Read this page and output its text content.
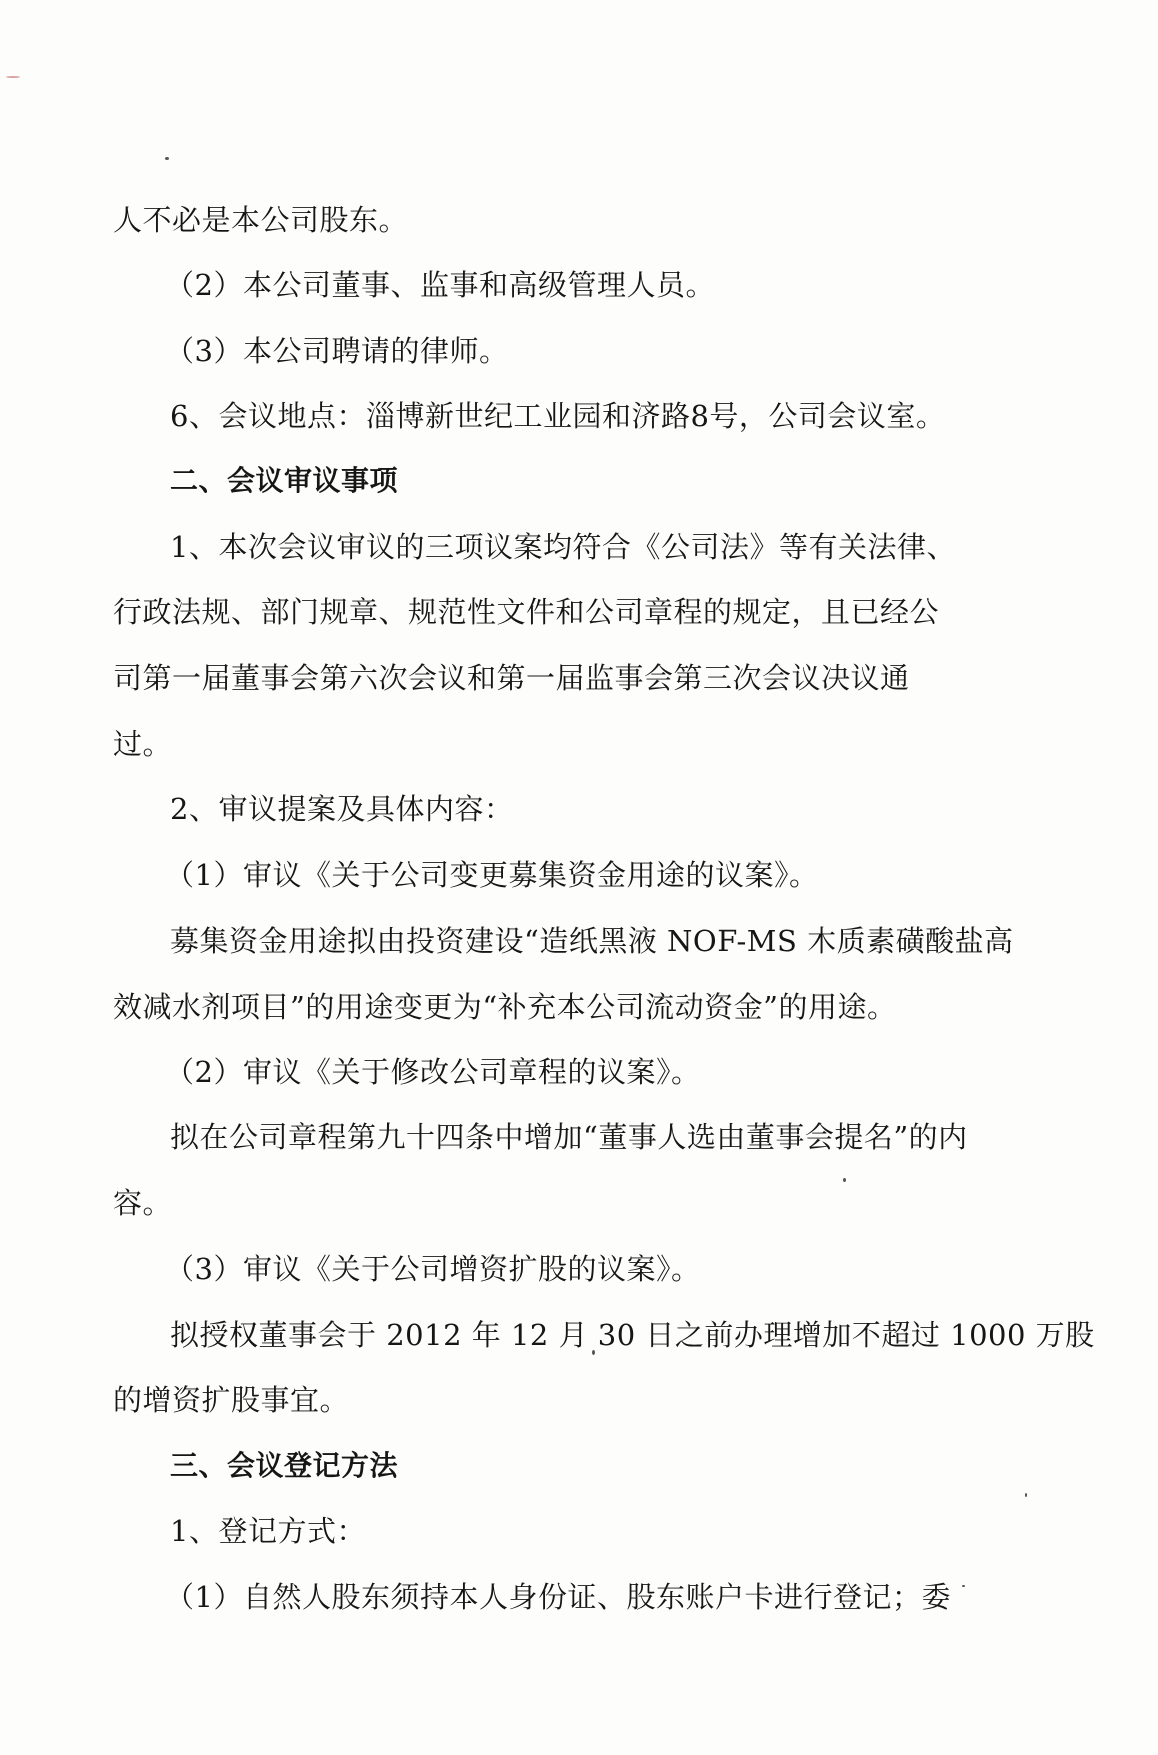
人不必是本公司股东。
（2）本公司董事、监事和高级管理人员。
（3）本公司聘请的律师。
6、会议地点：淄博新世纪工业园和济路8号，公司会议室。
二、会议审议事项
1、本次会议审议的三项议案均符合《公司法》等有关法律、
行政法规、部门规章、规范性文件和公司章程的规定，且已经公
司第一届董事会第六次会议和第一届监事会第三次会议决议通
过。
2、审议提案及具体内容：
（1）审议《关于公司变更募集资金用途的议案》。
募集资金用途拟由投资建设“造纸黑液 NOF-MS 木质素磺酸盐高
效减水剂项目”的用途变更为“补充本公司流动资金”的用途。
（2）审议《关于修改公司章程的议案》。
拟在公司章程第九十四条中增加“董事人选由董事会提名”的内
容。
（3）审议《关于公司增资扩股的议案》。
拟授权董事会于 2012 年 12 月 30 日之前办理增加不超过 1000 万股
的增资扩股事宜。
三、会议登记方法
1、登记方式：
（1）自然人股东须持本人身份证、股东账户卡进行登记；委
